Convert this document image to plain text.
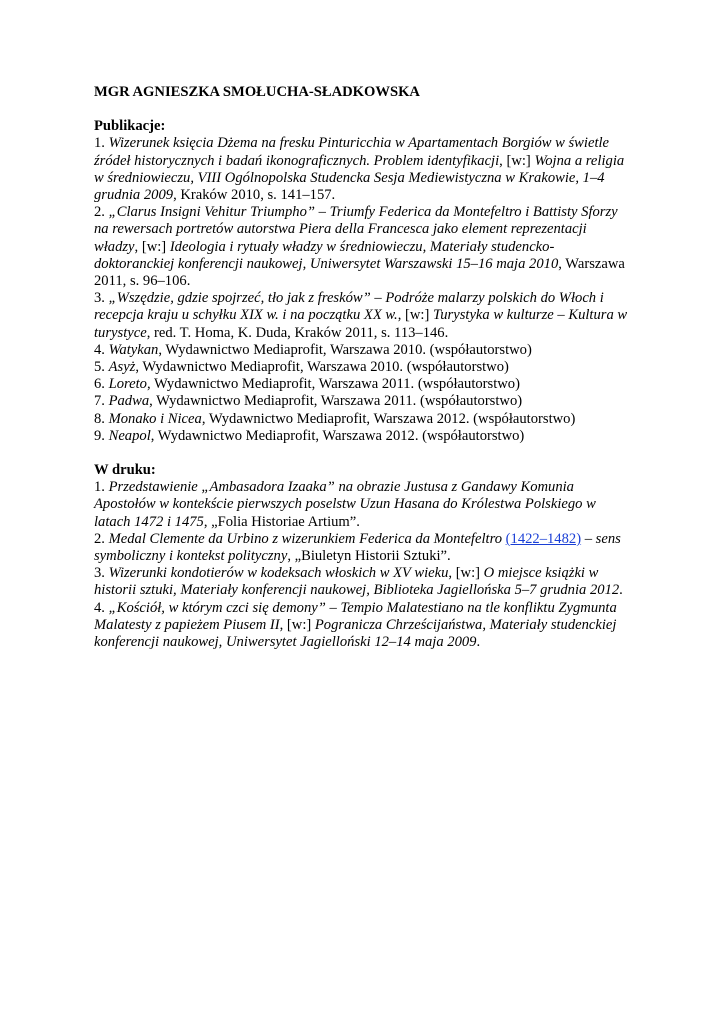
MGR AGNIESZKA SMOŁUCHA-SŁADKOWSKA

Publikacje:

1. Wizerunek księcia Dżema na fresku Pinturicchia w Apartamentach Borgiów w świetle źródeł historycznych i badań ikonograficznych. Problem identyfikacji, [w:] Wojna a religia w średniowieczu, VIII Ogólnopolska Studencka Sesja Mediewistyczna w Krakowie, 1–4 grudnia 2009, Kraków 2010, s. 141–157.

2. „Clarus Insigni Vehitur Triumpho” – Triumfy Federica da Montefeltro i Battisty Sforzy na rewersach portretów autorstwa Piera della Francesca jako element reprezentacji władzy, [w:] Ideologia i rytuały władzy w średniowieczu, Materiały studencko-doktoranckiej konferencji naukowej, Uniwersytet Warszawski 15–16 maja 2010, Warszawa 2011, s. 96–106.

3. „Wszędzie, gdzie spojrzeć, tło jak z fresków” – Podróże malarzy polskich do Włoch i recepcja kraju u schyłku XIX w. i na początku XX w., [w:] Turystyka w kulturze – Kultura w turystyce, red. T. Homa, K. Duda, Kraków 2011, s. 113–146.

4. Watykan, Wydawnictwo Mediaprofit, Warszawa 2010. (współautorstwo)

5. Asyż, Wydawnictwo Mediaprofit, Warszawa 2010. (współautorstwo)

6. Loreto, Wydawnictwo Mediaprofit, Warszawa 2011. (współautorstwo)

7. Padwa, Wydawnictwo Mediaprofit, Warszawa 2011. (współautorstwo)

8. Monako i Nicea, Wydawnictwo Mediaprofit, Warszawa 2012. (współautorstwo)

9. Neapol, Wydawnictwo Mediaprofit, Warszawa 2012. (współautorstwo)

W druku:

1. Przedstawienie „Ambasadora Izaaka” na obrazie Justusa z Gandawy Komunia Apostołów w kontekście pierwszych poselstw Uzun Hasana do Królestwa Polskiego w latach 1472 i 1475, „Folia Historiae Artium”.

2. Medal Clemente da Urbino z wizerunkiem Federica da Montefeltro (1422–1482) – sens symboliczny i kontekst polityczny, „Biuletyn Historii Sztuki”.

3. Wizerunki kondotierów w kodeksach włoskich w XV wieku, [w:] O miejsce książki w historii sztuki, Materiały konferencji naukowej, Biblioteka Jagiellońska 5–7 grudnia 2012.

4. „Kościół, w którym czci się demony” – Tempio Malatestiano na tle konfliktu Zygmunta Malatesty z papieżem Piusem II, [w:] Pogranicza Chrześcijaństwa, Materiały studenckiej konferencji naukowej, Uniwersytet Jagielloński 12–14 maja 2009.
